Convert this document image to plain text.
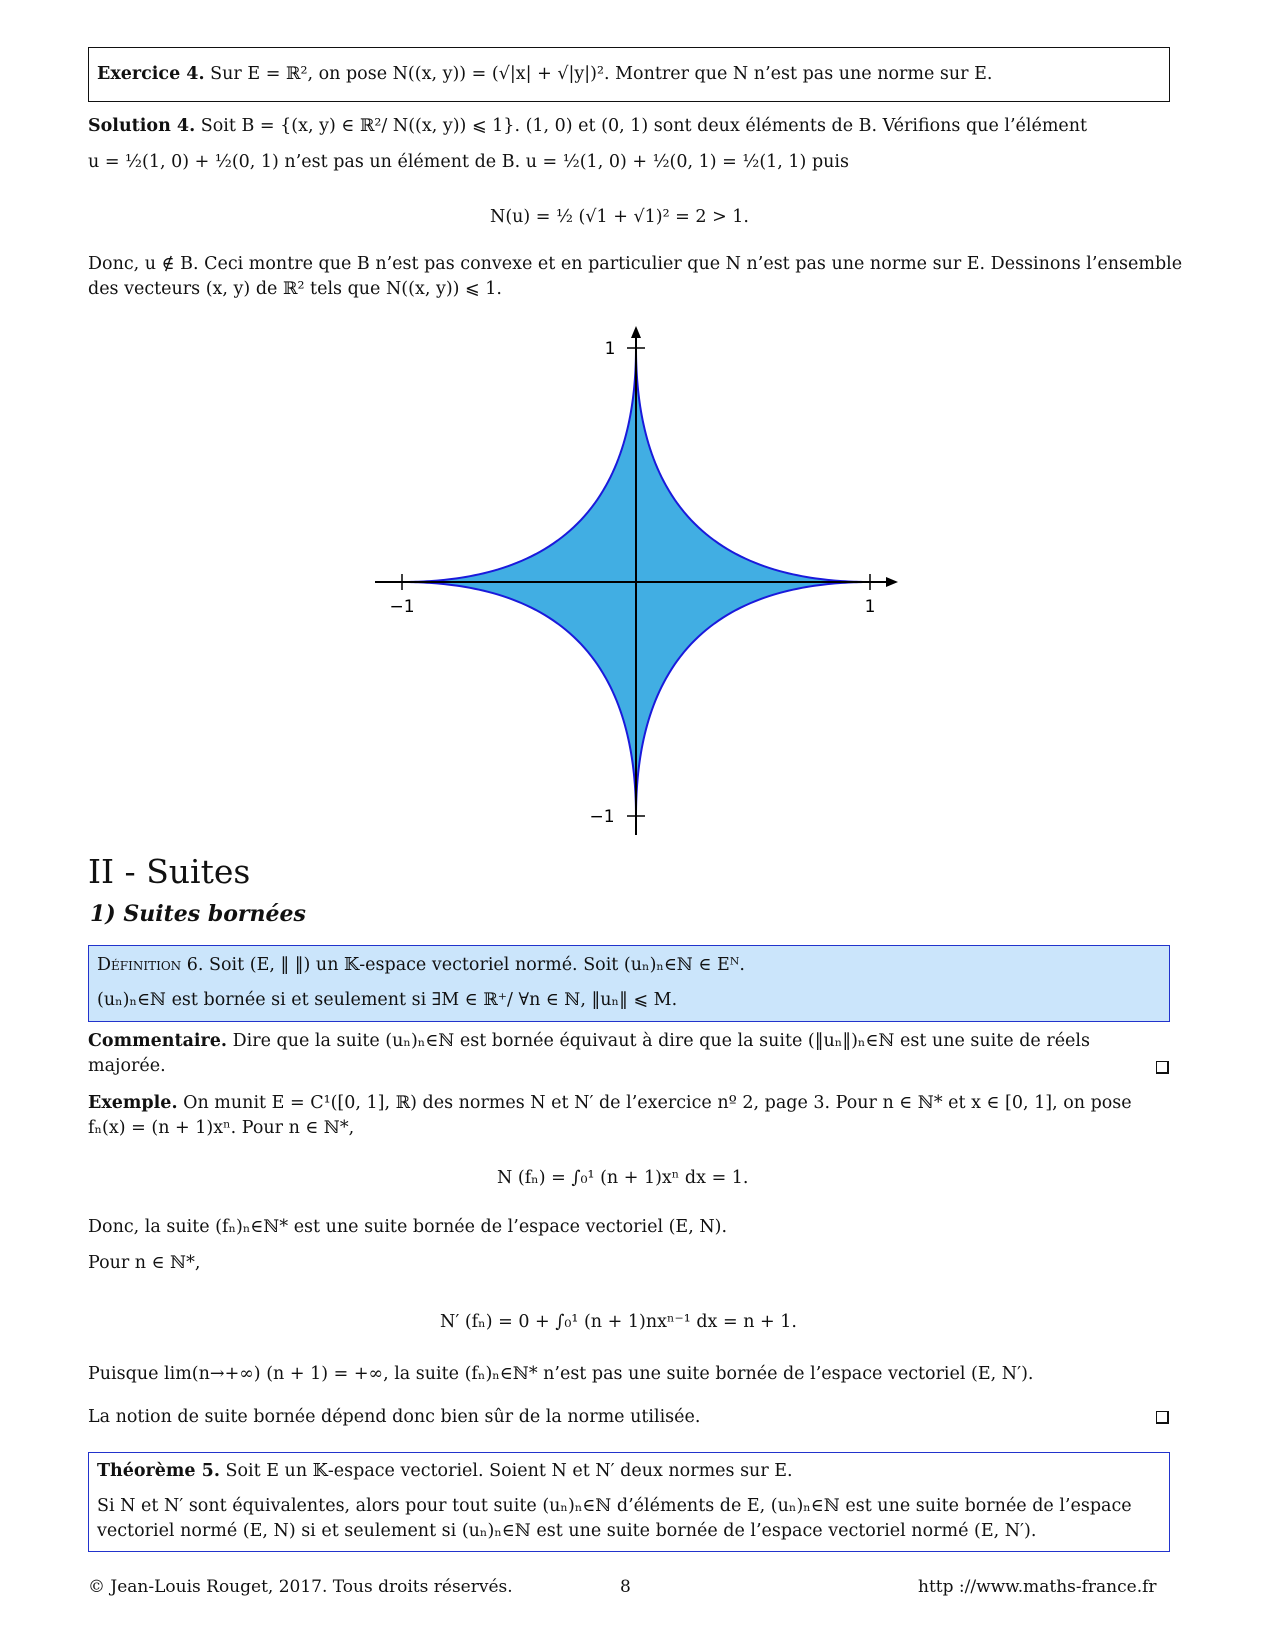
Exercice 4. Sur E = ℝ², on pose N((x, y)) = (√|x| + √|y|)². Montrer que N n’est pas une norme sur E.
Solution 4. Soit B = {(x, y) ∈ ℝ²/ N((x, y)) ⩽ 1}. (1, 0) et (0, 1) sont deux éléments de B. Vérifions que l’élément
u = ½(1, 0) + ½(0, 1) n’est pas un élément de B. u = ½(1, 0) + ½(0, 1) = ½(1, 1) puis
N(u) = ½ (√1 + √1)² = 2 > 1.
Donc, u ∉ B. Ceci montre que B n’est pas convexe et en particulier que N n’est pas une norme sur E. Dessinons l’ensemble
des vecteurs (x, y) de ℝ² tels que N((x, y)) ⩽ 1.
1
−1
−1	1
II - Suites
1) Suites bornées
Définition 6. Soit (E, ‖ ‖) un 𝕂-espace vectoriel normé. Soit (uₙ)ₙ∈ℕ ∈ Eᴺ.
(uₙ)ₙ∈ℕ est bornée si et seulement si ∃M ∈ ℝ⁺/ ∀n ∈ ℕ, ‖uₙ‖ ⩽ M.
Commentaire. Dire que la suite (uₙ)ₙ∈ℕ est bornée équivaut à dire que la suite (‖uₙ‖)ₙ∈ℕ est une suite de réels
majorée.
Exemple. On munit E = C¹([0, 1], ℝ) des normes N et N′ de l’exercice nº 2, page 3. Pour n ∈ ℕ* et x ∈ [0, 1], on pose
fₙ(x) = (n + 1)xⁿ. Pour n ∈ ℕ*,
N (fₙ) = ∫₀¹ (n + 1)xⁿ dx = 1.
Donc, la suite (fₙ)ₙ∈ℕ* est une suite bornée de l’espace vectoriel (E, N).
Pour n ∈ ℕ*,
N′ (fₙ) = 0 + ∫₀¹ (n + 1)nxⁿ⁻¹ dx = n + 1.
Puisque lim(n→+∞) (n + 1) = +∞, la suite (fₙ)ₙ∈ℕ* n’est pas une suite bornée de l’espace vectoriel (E, N′).
La notion de suite bornée dépend donc bien sûr de la norme utilisée.
Théorème 5. Soit E un 𝕂-espace vectoriel. Soient N et N′ deux normes sur E.
Si N et N′ sont équivalentes, alors pour tout suite (uₙ)ₙ∈ℕ d’éléments de E, (uₙ)ₙ∈ℕ est une suite bornée de l’espace
vectoriel normé (E, N) si et seulement si (uₙ)ₙ∈ℕ est une suite bornée de l’espace vectoriel normé (E, N′).
© Jean-Louis Rouget, 2017. Tous droits réservés.	8	http ://www.maths-france.fr
